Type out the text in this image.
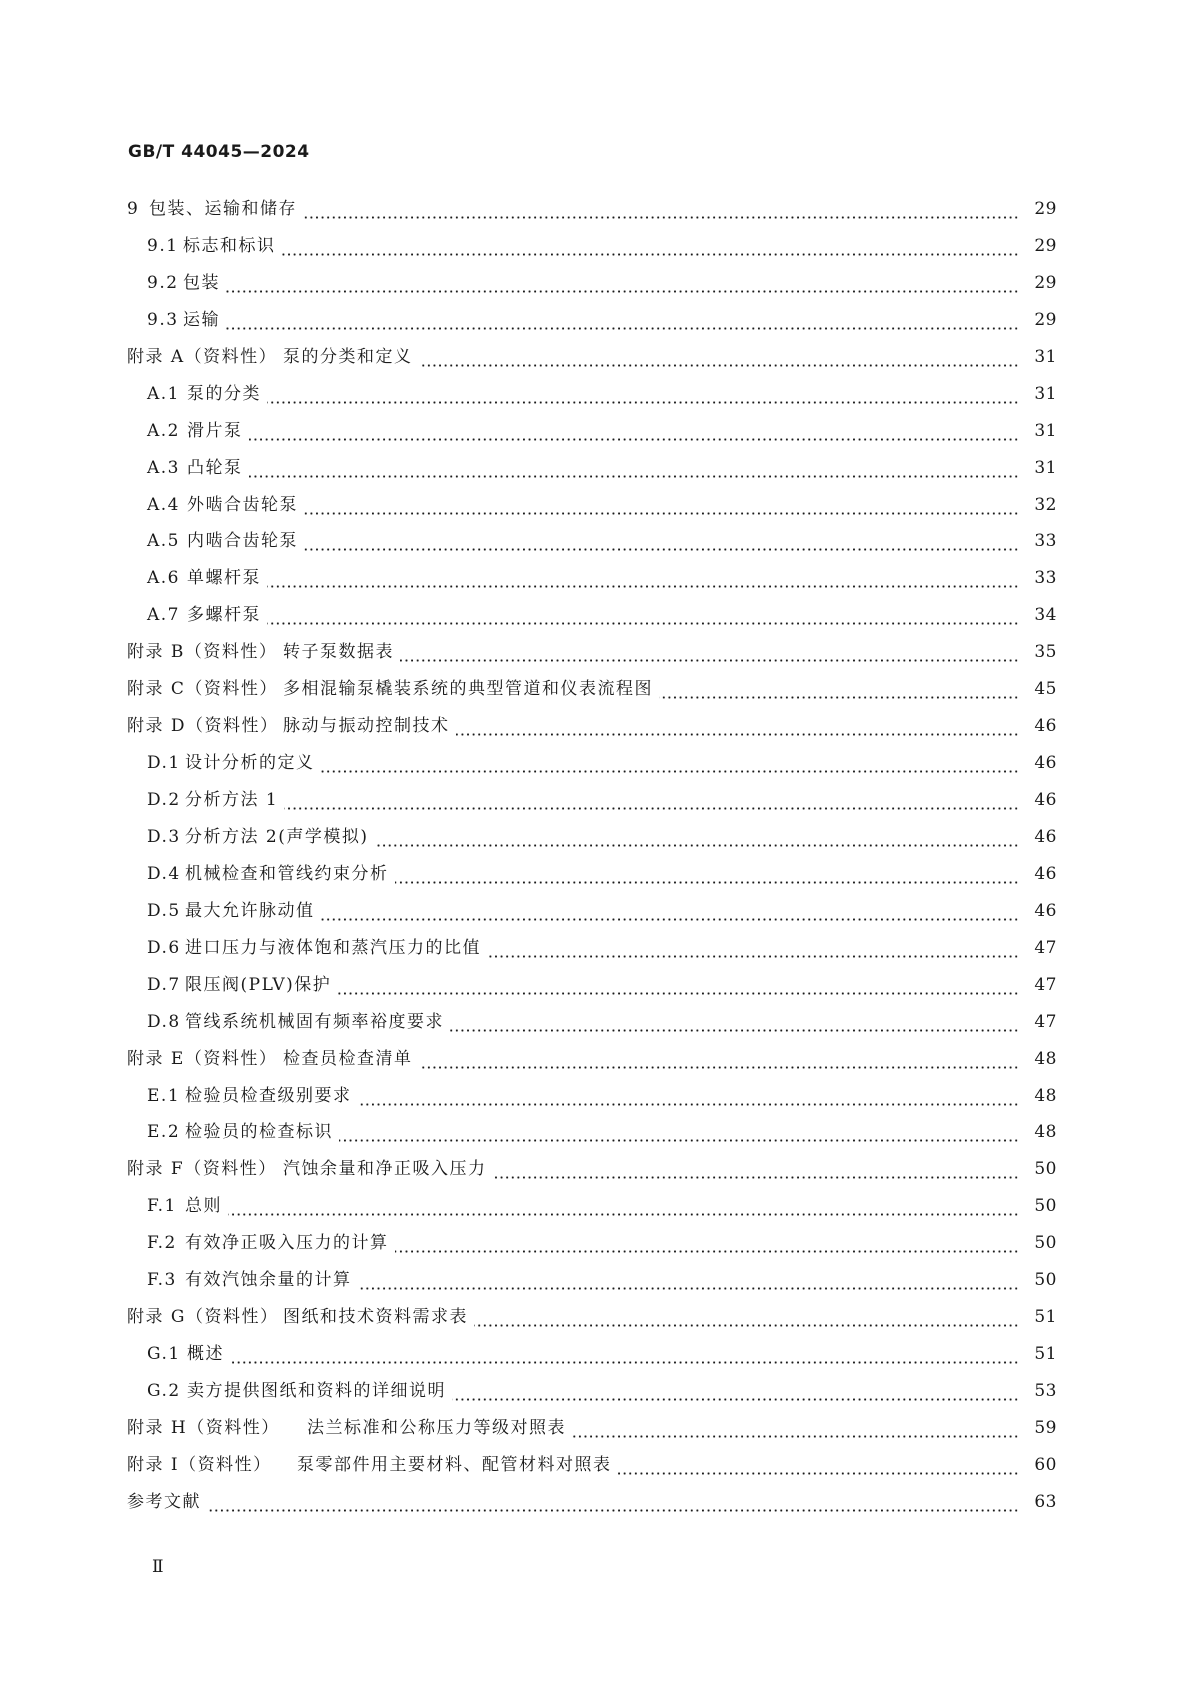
GB/T 44045—2024
9 包装、运输和储存	29
9.1 标志和标识	29
9.2 包装	29
9.3 运输	29
附录 A（资料性） 泵的分类和定义	31
A.1 泵的分类	31
A.2 滑片泵	31
A.3 凸轮泵	31
A.4 外啮合齿轮泵	32
A.5 内啮合齿轮泵	33
A.6 单螺杆泵	33
A.7 多螺杆泵	34
附录 B（资料性） 转子泵数据表	35
附录 C（资料性） 多相混输泵橇装系统的典型管道和仪表流程图	45
附录 D（资料性） 脉动与振动控制技术	46
D.1 设计分析的定义	46
D.2 分析方法 1	46
D.3 分析方法 2(声学模拟)	46
D.4 机械检查和管线约束分析	46
D.5 最大允许脉动值	46
D.6 进口压力与液体饱和蒸汽压力的比值	47
D.7 限压阀(PLV)保护	47
D.8 管线系统机械固有频率裕度要求	47
附录 E（资料性） 检查员检查清单	48
E.1 检验员检查级别要求	48
E.2 检验员的检查标识	48
附录 F（资料性） 汽蚀余量和净正吸入压力	50
F.1 总则	50
F.2 有效净正吸入压力的计算	50
F.3 有效汽蚀余量的计算	50
附录 G（资料性） 图纸和技术资料需求表	51
G.1 概述	51
G.2 卖方提供图纸和资料的详细说明	53
附录 H（资料性） 法兰标准和公称压力等级对照表	59
附录 I（资料性） 泵零部件用主要材料、配管材料对照表	60
参考文献	63
Ⅱ
